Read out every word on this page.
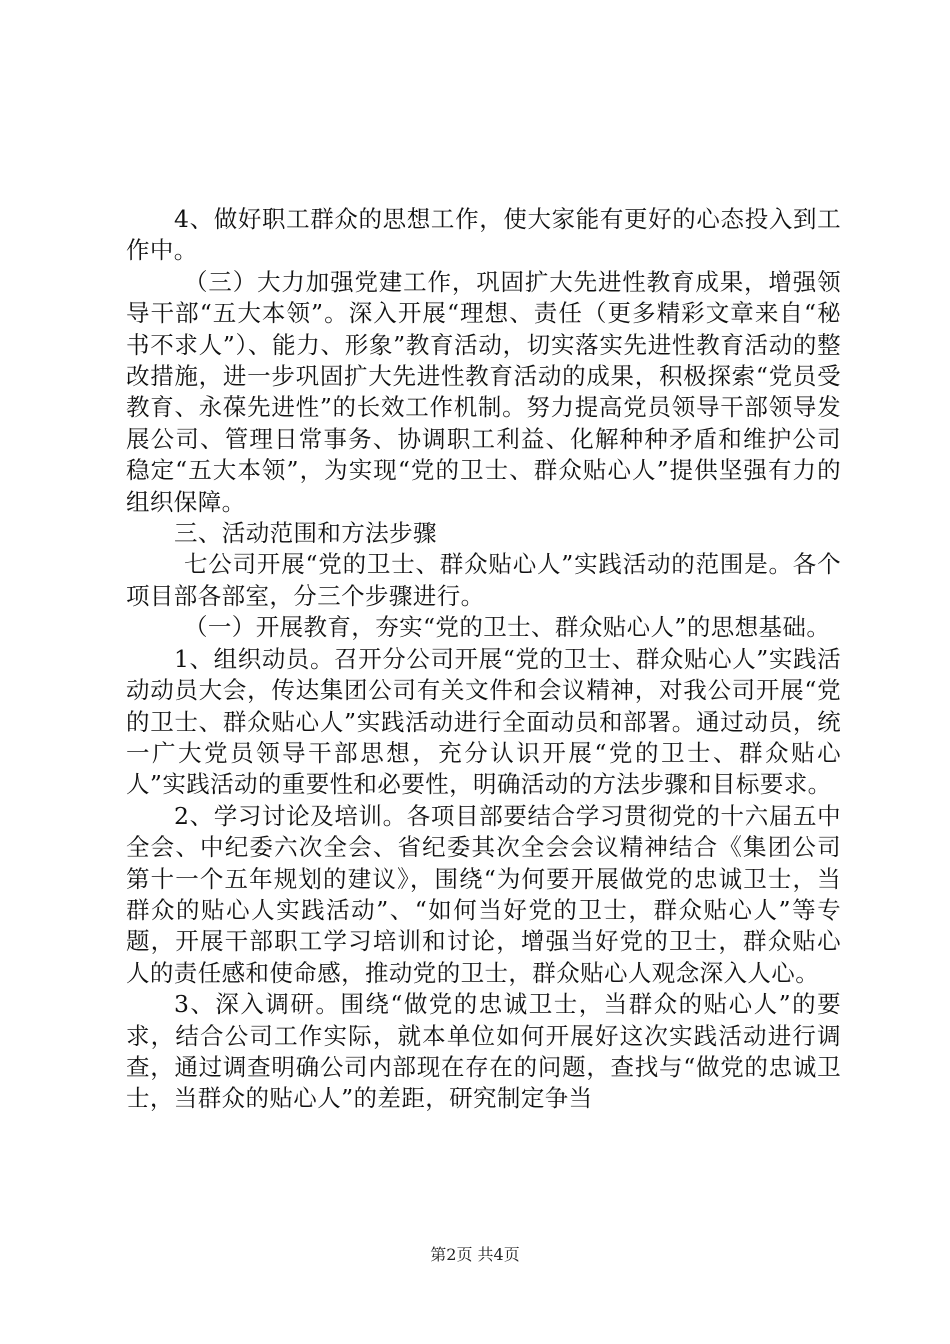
4、做好职工群众的思想工作，使大家能有更好的心态投入到工作中。

（三）大力加强党建工作，巩固扩大先进性教育成果，增强领导干部“五大本领”。深入开展“理想、责任（更多精彩文章来自“秘书不求人”）、能力、形象”教育活动，切实落实先进性教育活动的整改措施，进一步巩固扩大先进性教育活动的成果，积极探索“党员受教育、永葆先进性”的长效工作机制。努力提高党员领导干部领导发展公司、管理日常事务、协调职工利益、化解种种矛盾和维护公司稳定“五大本领”，为实现“党的卫士、群众贴心人”提供坚强有力的组织保障。

三、活动范围和方法步骤

七公司开展“党的卫士、群众贴心人”实践活动的范围是。各个项目部各部室，分三个步骤进行。

（一）开展教育，夯实“党的卫士、群众贴心人”的思想基础。

1、组织动员。召开分公司开展“党的卫士、群众贴心人”实践活动动员大会，传达集团公司有关文件和会议精神，对我公司开展“党的卫士、群众贴心人”实践活动进行全面动员和部署。通过动员，统一广大党员领导干部思想，充分认识开展“党的卫士、群众贴心人”实践活动的重要性和必要性，明确活动的方法步骤和目标要求。

2、学习讨论及培训。各项目部要结合学习贯彻党的十六届五中全会、中纪委六次全会、省纪委其次全会会议精神结合《集团公司第十一个五年规划的建议》，围绕“为何要开展做党的忠诚卫士，当群众的贴心人实践活动”、“如何当好党的卫士，群众贴心人”等专题，开展干部职工学习培训和讨论，增强当好党的卫士，群众贴心人的责任感和使命感，推动党的卫士，群众贴心人观念深入人心。

3、深入调研。围绕“做党的忠诚卫士，当群众的贴心人”的要求，结合公司工作实际，就本单位如何开展好这次实践活动进行调查，通过调查明确公司内部现在存在的问题，查找与“做党的忠诚卫士，当群众的贴心人”的差距，研究制定争当

第2页 共4页
